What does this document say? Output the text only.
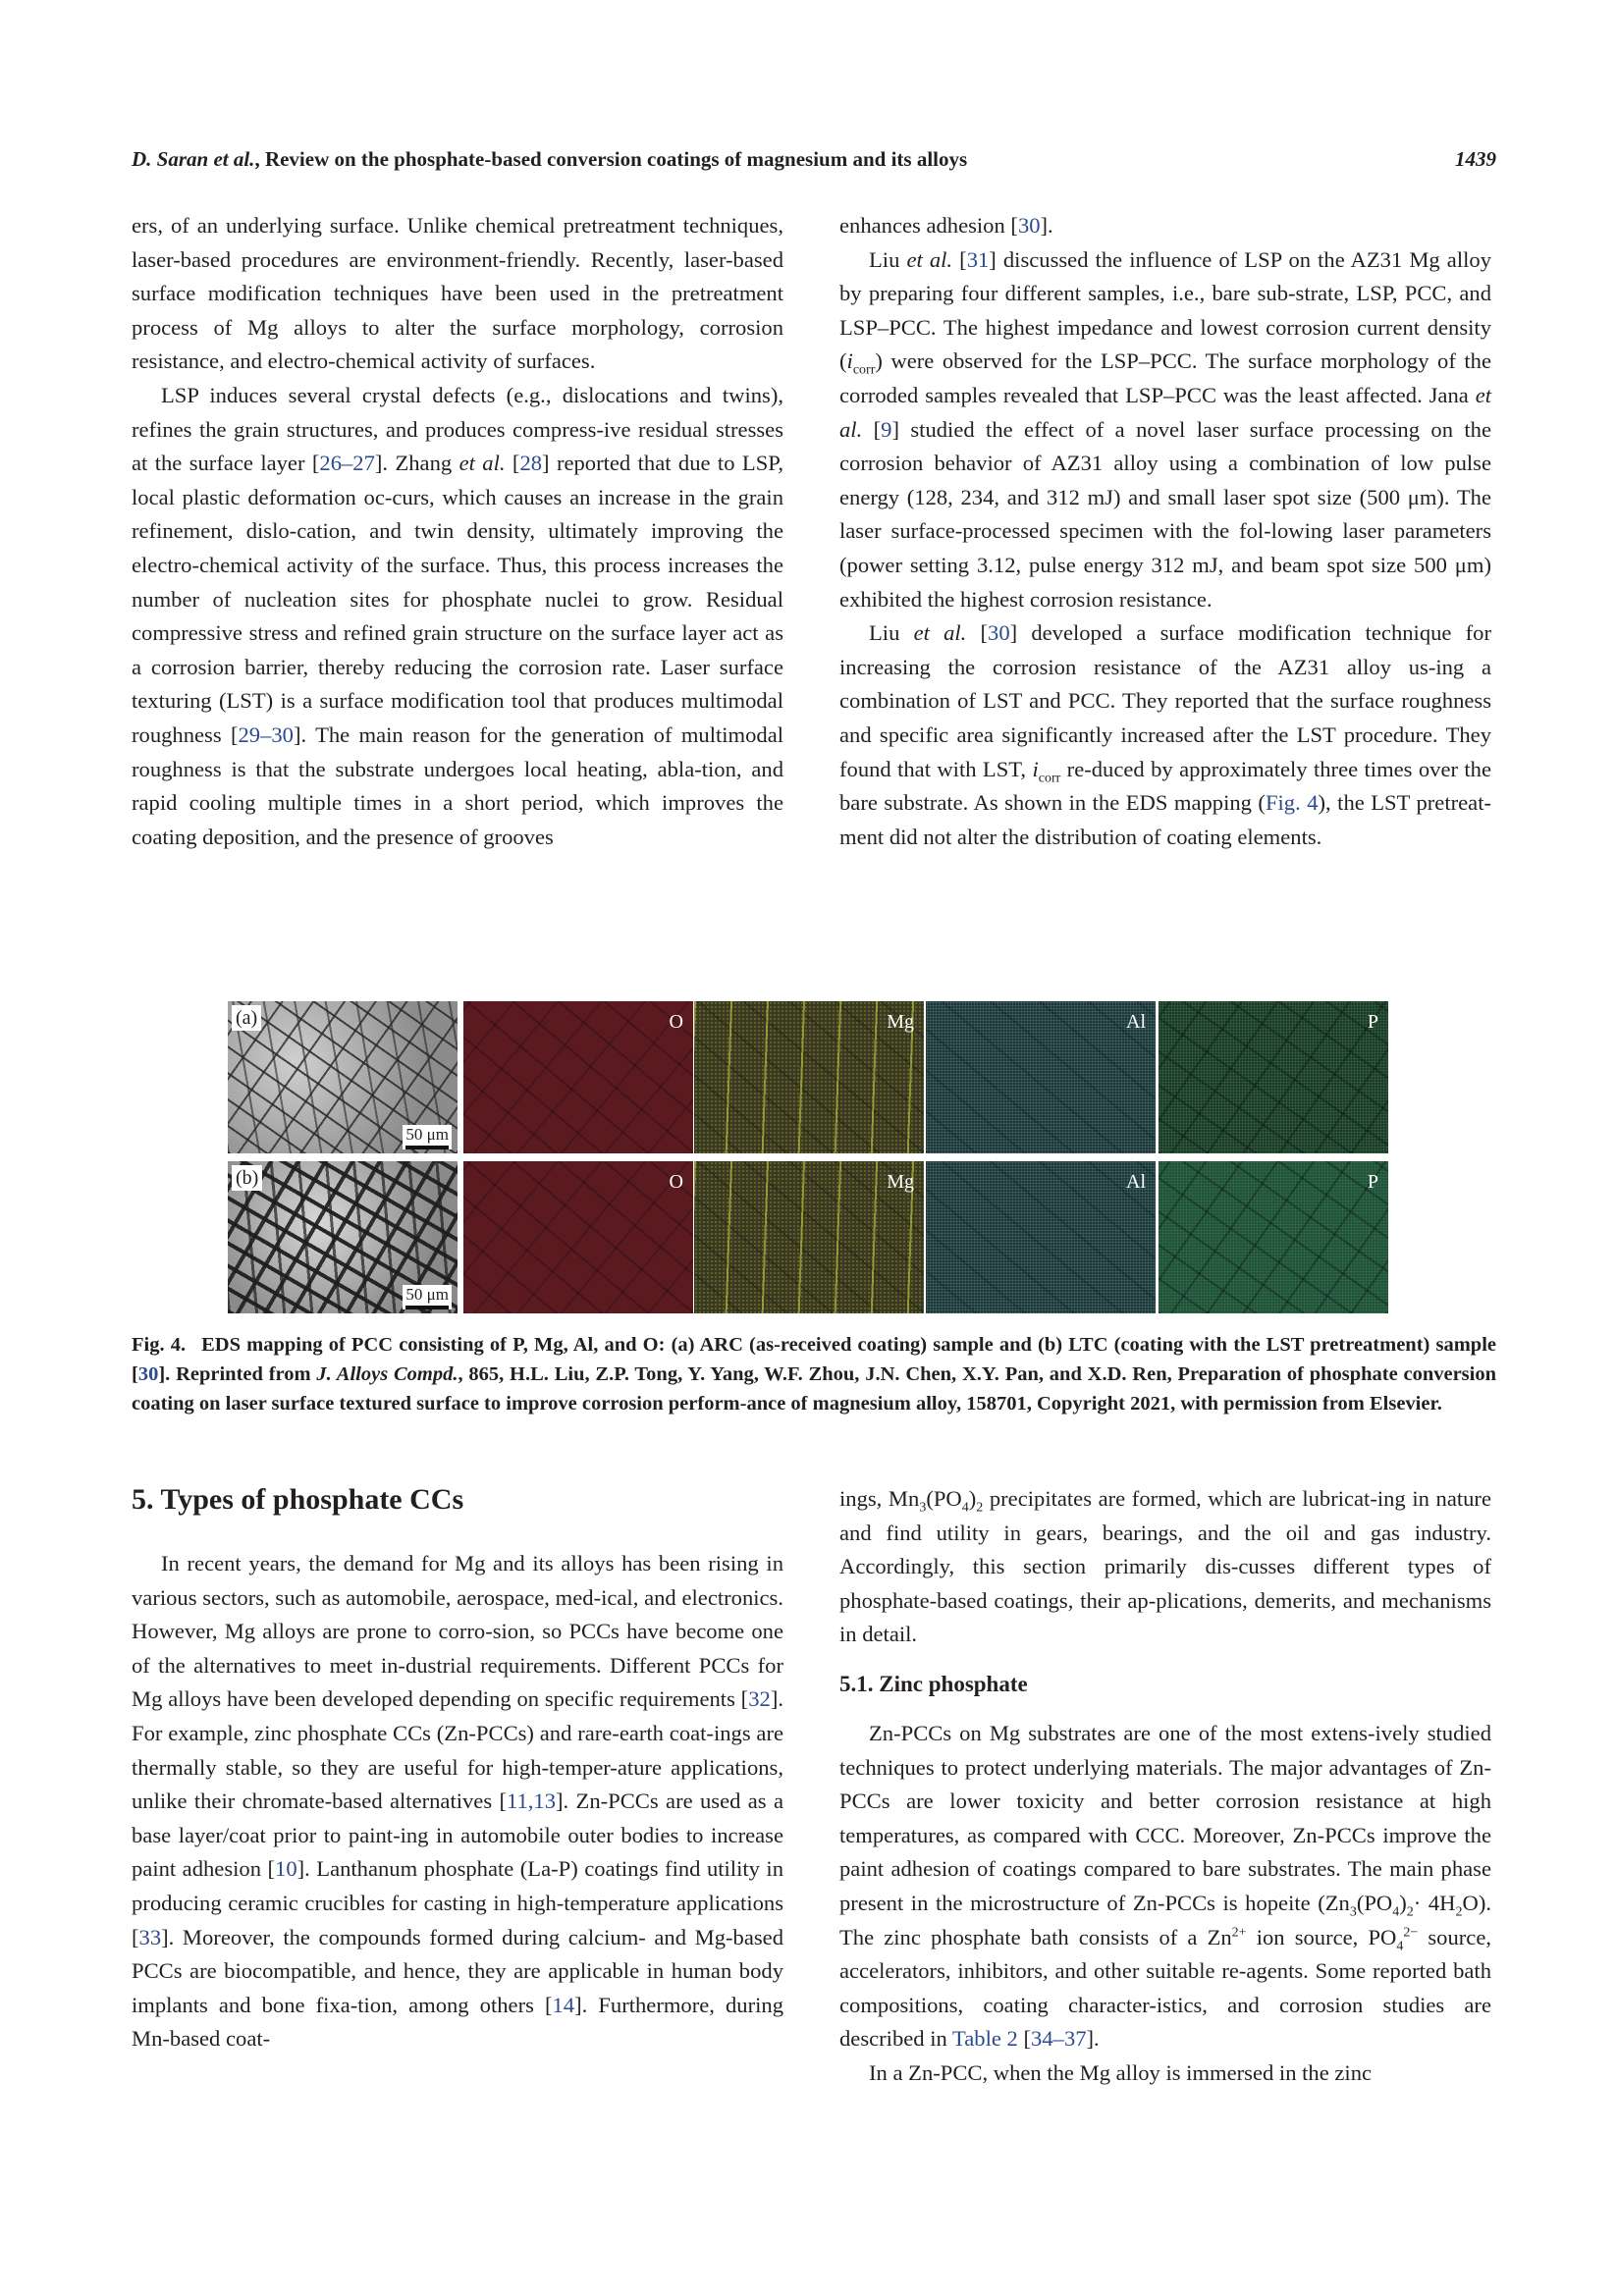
D. Saran et al., Review on the phosphate-based conversion coatings of magnesium and its alloys	1439

ers, of an underlying surface. Unlike chemical pretreatment techniques, laser-based procedures are environment-friendly. Recently, laser-based surface modification techniques have been used in the pretreatment process of Mg alloys to alter the surface morphology, corrosion resistance, and electro-chemical activity of surfaces.

LSP induces several crystal defects (e.g., dislocations and twins), refines the grain structures, and produces compress-ive residual stresses at the surface layer [26–27]. Zhang et al. [28] reported that due to LSP, local plastic deformation oc-curs, which causes an increase in the grain refinement, dislo-cation, and twin density, ultimately improving the electro-chemical activity of the surface. Thus, this process increases the number of nucleation sites for phosphate nuclei to grow. Residual compressive stress and refined grain structure on the surface layer act as a corrosion barrier, thereby reducing the corrosion rate. Laser surface texturing (LST) is a surface modification tool that produces multimodal roughness [29–30]. The main reason for the generation of multimodal roughness is that the substrate undergoes local heating, abla-tion, and rapid cooling multiple times in a short period, which improves the coating deposition, and the presence of grooves

enhances adhesion [30].

Liu et al. [31] discussed the influence of LSP on the AZ31 Mg alloy by preparing four different samples, i.e., bare sub-strate, LSP, PCC, and LSP–PCC. The highest impedance and lowest corrosion current density $(i_{corr})$ were observed for the LSP–PCC. The surface morphology of the corroded samples revealed that LSP–PCC was the least affected. Jana et al. [9] studied the effect of a novel laser surface processing on the corrosion behavior of AZ31 alloy using a combination of low pulse energy (128, 234, and 312 mJ) and small laser spot size (500 μm). The laser surface-processed specimen with the fol-lowing laser parameters (power setting 3.12, pulse energy 312 mJ, and beam spot size 500 μm) exhibited the highest corrosion resistance.

Liu et al. [30] developed a surface modification technique for increasing the corrosion resistance of the AZ31 alloy us-ing a combination of LST and PCC. They reported that the surface roughness and specific area significantly increased after the LST procedure. They found that with LST, $i_{corr}$ re-duced by approximately three times over the bare substrate. As shown in the EDS mapping (Fig. 4), the LST pretreat-ment did not alter the distribution of coating elements.

(a)
50 μm
O	Mg	Al	P
(b)
50 μm
O	Mg	Al	P
Fig. 4. EDS mapping of PCC consisting of P, Mg, Al, and O: (a) ARC (as-received coating) sample and (b) LTC (coating with the LST pretreatment) sample [30]. Reprinted from J. Alloys Compd., 865, H.L. Liu, Z.P. Tong, Y. Yang, W.F. Zhou, J.N. Chen, X.Y. Pan, and X.D. Ren, Preparation of phosphate conversion coating on laser surface textured surface to improve corrosion perform-ance of magnesium alloy, 158701, Copyright 2021, with permission from Elsevier.
5. Types of phosphate CCs

In recent years, the demand for Mg and its alloys has been rising in various sectors, such as automobile, aerospace, med-ical, and electronics. However, Mg alloys are prone to corro-sion, so PCCs have become one of the alternatives to meet in-dustrial requirements. Different PCCs for Mg alloys have been developed depending on specific requirements [32]. For example, zinc phosphate CCs (Zn-PCCs) and rare-earth coat-ings are thermally stable, so they are useful for high-temper-ature applications, unlike their chromate-based alternatives [11,13]. Zn-PCCs are used as a base layer/coat prior to paint-ing in automobile outer bodies to increase paint adhesion [10]. Lanthanum phosphate (La-P) coatings find utility in producing ceramic crucibles for casting in high-temperature applications [33]. Moreover, the compounds formed during calcium- and Mg-based PCCs are biocompatible, and hence, they are applicable in human body implants and bone fixa-tion, among others [14]. Furthermore, during Mn-based coat-

ings, $Mn_3(PO_4)_2$ precipitates are formed, which are lubricat-ing in nature and find utility in gears, bearings, and the oil and gas industry. Accordingly, this section primarily dis-cusses different types of phosphate-based coatings, their ap-plications, demerits, and mechanisms in detail.

5.1. Zinc phosphate

Zn-PCCs on Mg substrates are one of the most extens-ively studied techniques to protect underlying materials. The major advantages of Zn-PCCs are lower toxicity and better corrosion resistance at high temperatures, as compared with CCC. Moreover, Zn-PCCs improve the paint adhesion of coatings compared to bare substrates. The main phase present in the microstructure of Zn-PCCs is hopeite $(Zn_3(PO_4)_2\cdot 4H_2O)$. The zinc phosphate bath consists of a $Zn^{2+}$ ion source, $PO_4^{2-}$ source, accelerators, inhibitors, and other suitable re-agents. Some reported bath compositions, coating character-istics, and corrosion studies are described in Table 2 [34–37].

In a Zn-PCC, when the Mg alloy is immersed in the zinc
